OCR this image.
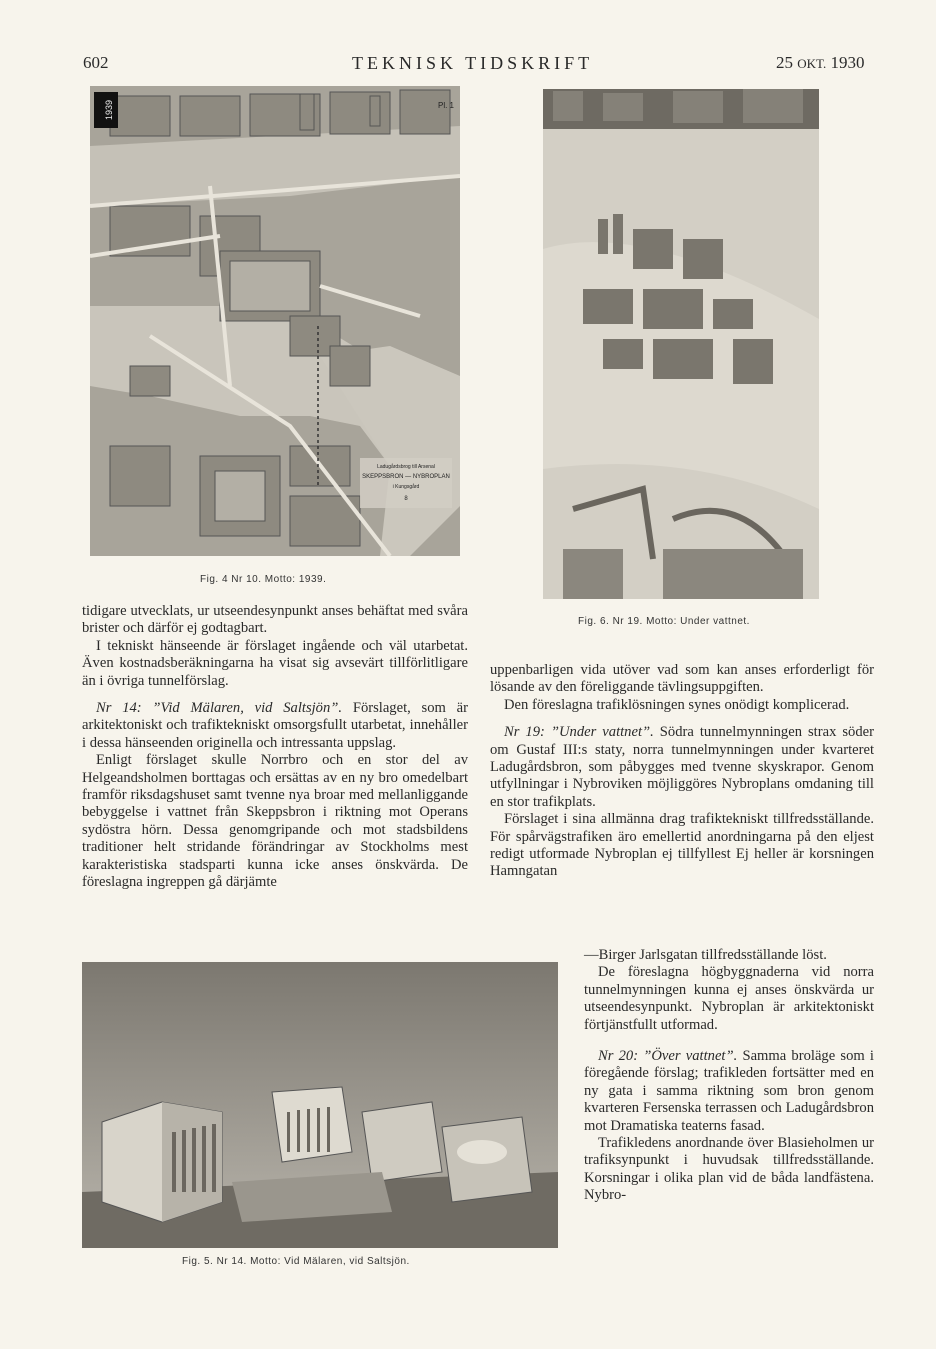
602	TEKNISK TIDSKRIFT	25 OKT. 1930
1939	Pl. 1
Ladugårdsbrog till Arsenal
SKEPPSBRON — NYBROPLAN
i Kungsgård
8
Fig. 4 Nr 10. Motto: 1939.
Fig. 6. Nr 19. Motto: Under vattnet.
Fig. 5. Nr 14. Motto: Vid Mälaren, vid Saltsjön.

tidigare utvecklats, ur utseendesynpunkt anses behäftat med svåra brister och därför ej godtagbart.

I tekniskt hänseende är förslaget ingående och väl utarbetat. Även kostnadsberäkningarna ha visat sig avsevärt tillförlitligare än i övriga tunnelförslag.

Nr 14: ”Vid Mälaren, vid Saltsjön”. Förslaget, som är arkitektoniskt och trafiktekniskt omsorgsfullt utarbetat, innehåller i dessa hänseenden originella och intressanta uppslag.

Enligt förslaget skulle Norrbro och en stor del av Helgeandsholmen borttagas och ersättas av en ny bro omedelbart framför riksdagshuset samt tvenne nya broar med mellanliggande bebyggelse i vattnet från Skeppsbron i riktning mot Operans sydöstra hörn. Dessa genomgripande och mot stadsbildens traditioner helt stridande förändringar av Stockholms mest karakteristiska stadsparti kunna icke anses önskvärda. De föreslagna ingreppen gå därjämte

uppenbarligen vida utöver vad som kan anses erforderligt för lösande av den föreliggande tävlingsuppgiften.

Den föreslagna trafiklösningen synes onödigt komplicerad.

Nr 19: ”Under vattnet”. Södra tunnelmynningen strax söder om Gustaf III:s staty, norra tunnelmynningen under kvarteret Ladugårdsbron, som påbygges med tvenne skyskrapor. Genom utfyllningar i Nybroviken möjliggöres Nybroplans omdaning till en stor trafikplats.

Förslaget i sina allmänna drag trafiktekniskt tillfredsställande. För spårvägstrafiken äro emellertid anordningarna på den eljest redigt utformade Nybroplan ej tillfyllest Ej heller är korsningen Hamngatan

—Birger Jarlsgatan tillfredsställande löst.

De föreslagna högbyggnaderna vid norra tunnelmynningen kunna ej anses önskvärda ur utseendesynpunkt. Nybroplan är arkitektoniskt förtjänstfullt utformad.

Nr 20: ”Över vattnet”. Samma broläge som i föregående förslag; trafikleden fortsätter med en ny gata i samma riktning som bron genom kvarteren Fersenska terrassen och Ladugårdsbron mot Dramatiska teaterns fasad.

Trafikledens anordnande över Blasieholmen ur trafiksynpunkt i huvudsak tillfredsställande. Korsningar i olika plan vid de båda landfästena. Nybro-
